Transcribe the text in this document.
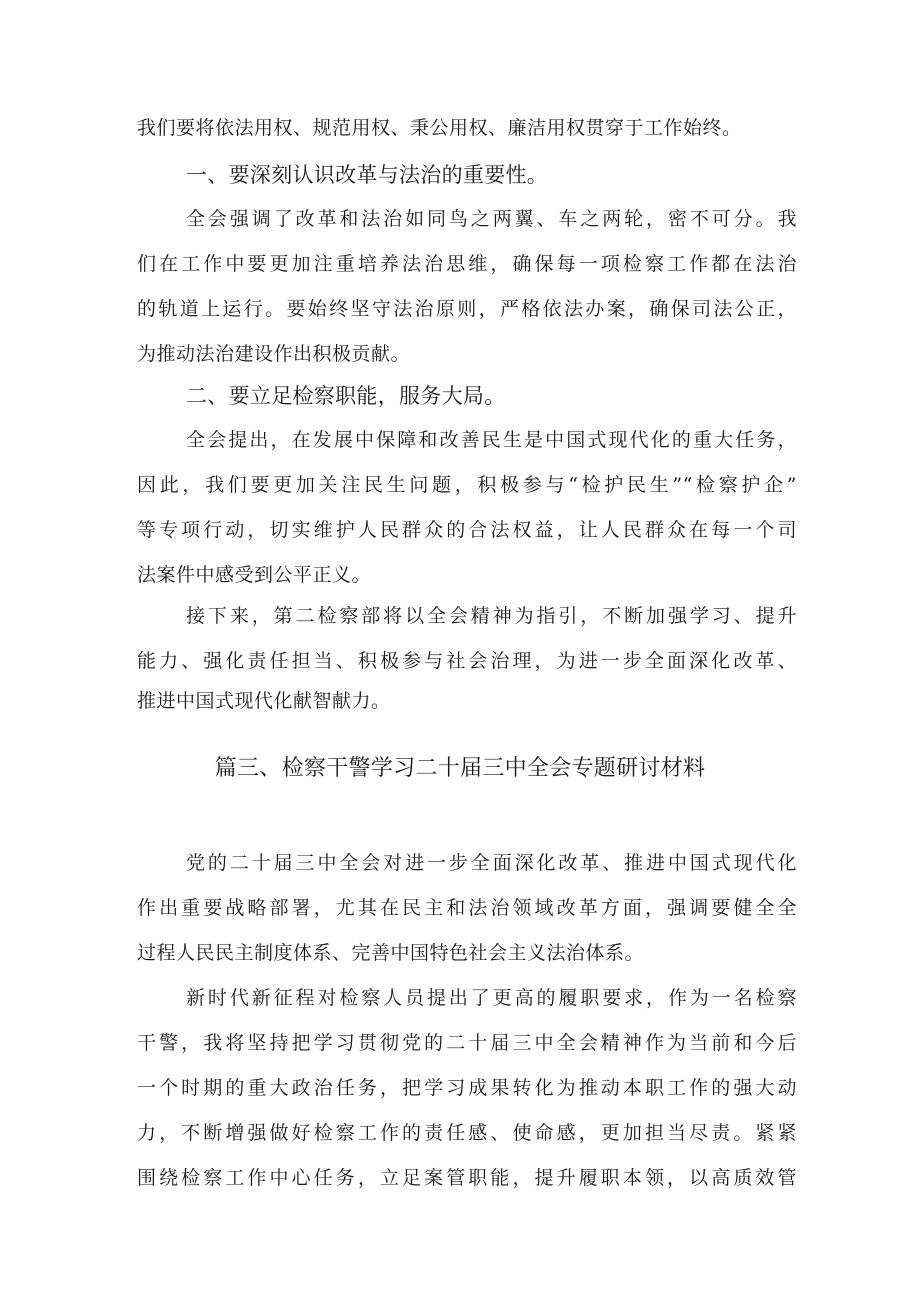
我们要将依法用权、规范用权、秉公用权、廉洁用权贯穿于工作始终。
一、要深刻认识改革与法治的重要性。
全会强调了改革和法治如同鸟之两翼、车之两轮，密不可分。我
们在工作中要更加注重培养法治思维，确保每一项检察工作都在法治
的轨道上运行。要始终坚守法治原则，严格依法办案，确保司法公正，
为推动法治建设作出积极贡献。
二、要立足检察职能，服务大局。
全会提出，在发展中保障和改善民生是中国式现代化的重大任务，
因此，我们要更加关注民生问题，积极参与“检护民生”“检察护企”
等专项行动，切实维护人民群众的合法权益，让人民群众在每一个司
法案件中感受到公平正义。
接下来，第二检察部将以全会精神为指引，不断加强学习、提升
能力、强化责任担当、积极参与社会治理，为进一步全面深化改革、
推进中国式现代化献智献力。
篇三、检察干警学习二十届三中全会专题研讨材料
党的二十届三中全会对进一步全面深化改革、推进中国式现代化
作出重要战略部署，尤其在民主和法治领域改革方面，强调要健全全
过程人民民主制度体系、完善中国特色社会主义法治体系。
新时代新征程对检察人员提出了更高的履职要求，作为一名检察
干警，我将坚持把学习贯彻党的二十届三中全会精神作为当前和今后
一个时期的重大政治任务，把学习成果转化为推动本职工作的强大动
力，不断增强做好检察工作的责任感、使命感，更加担当尽责。紧紧
围绕检察工作中心任务，立足案管职能，提升履职本领，以高质效管
